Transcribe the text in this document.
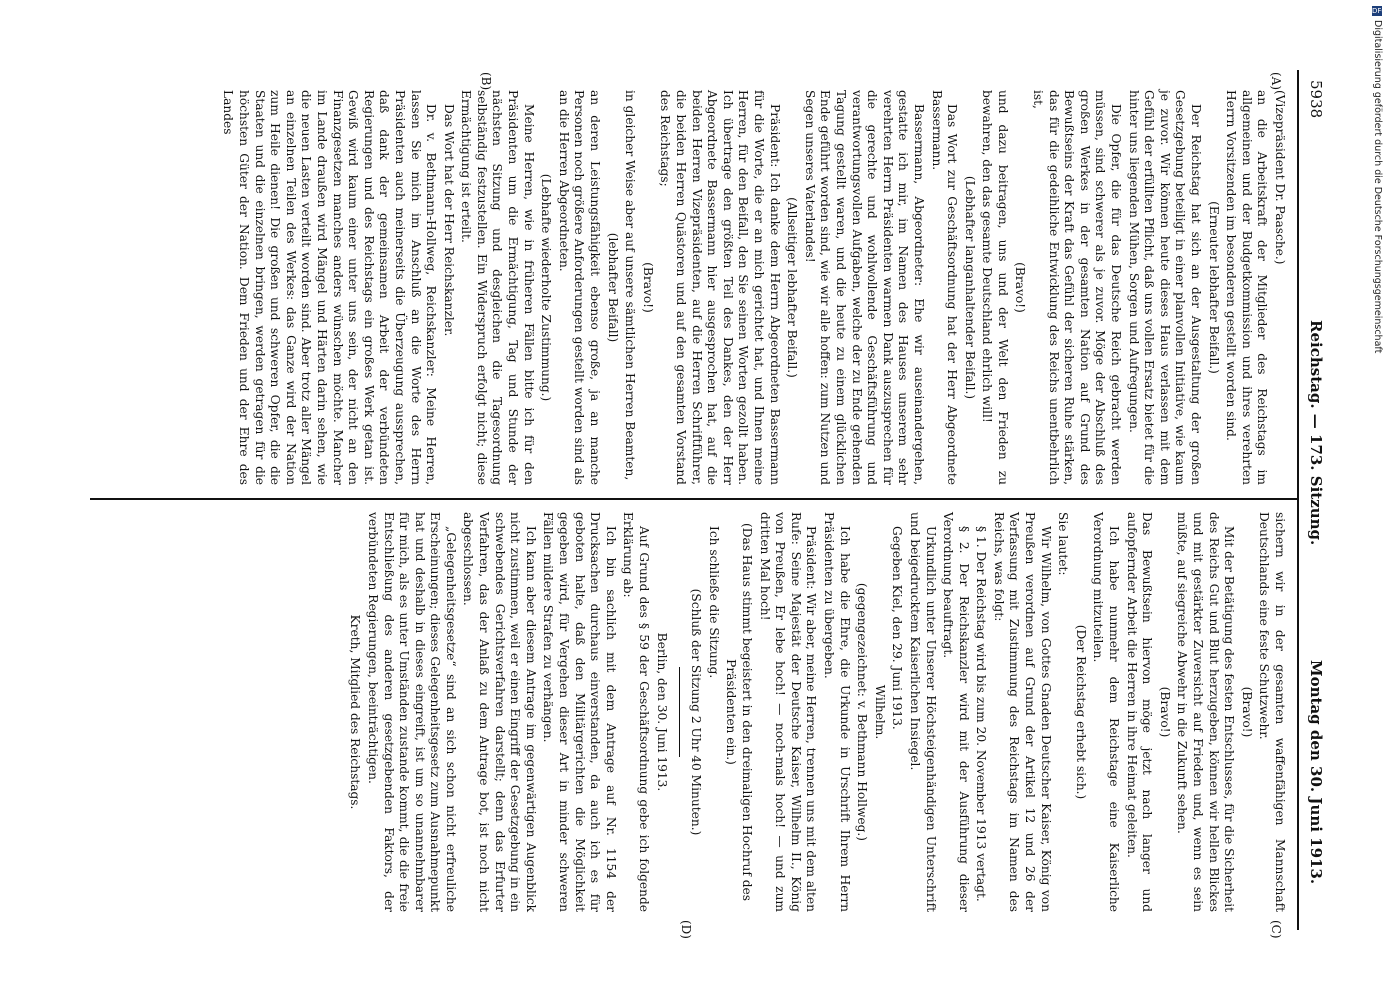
5938
Reichstag. — 173. Sitzung.
Montag den 30. Juni 1913.
(A)
(B)
(C)
(D)

(Vizepräsident Dr. Paasche.)

an die Arbeitskraft der Mitglieder des Reichstags im allgemeinen und der Budgetkommission und ihres verehrten Herrn Vorsitzenden im besonderen gestellt worden sind.

(Erneuter lebhafter Beifall.)

Der Reichstag hat sich an der Ausgestaltung der großen Gesetzgebung beteiligt in einer planvollen Initiative, wie kaum je zuvor. Wir können heute dieses Haus verlassen mit dem Gefühl der erfüllten Pflicht, daß uns vollen Ersatz bietet für die hinter uns liegenden Mühen, Sorgen und Aufregungen.

Die Opfer, die für das Deutsche Reich gebracht werden müssen, sind schwerer als je zuvor. Möge der Abschluß des großen Werkes in der gesamten Nation auf Grund des Bewußtseins der Kraft das Gefühl der sicheren Ruhe stärken, das für die gedeihliche Entwicklung des Reichs unentbehrlich ist,

(Bravo!)

und dazu beitragen, uns und der Welt den Frieden zu bewahren, den das gesamte Deutschland ehrlich will!

(Lebhafter langanhaltender Beifall.)

Das Wort zur Geschäftsordnung hat der Herr Abgeordnete Bassermann.

Bassermann, Abgeordneter: Ehe wir auseinandergehen, gestatte ich mir, im Namen des Hauses unserem sehr verehrten Herrn Präsidenten warmen Dank auszusprechen für die gerechte und wohlwollende Geschäftsführung und verantwortungsvollen Aufgaben, welche der zu Ende gehenden Tagung gestellt waren, und die heute zu einem glücklichen Ende geführt worden sind, wie wir alle hoffen: zum Nutzen und Segen unseres Vaterlandes!

(Allseitiger lebhafter Beifall.)

Präsident: Ich danke dem Herrn Abgeordneten Bassermann für die Worte, die er an mich gerichtet hat, und Ihnen meine Herren, für den Beifall, den Sie seinen Worten gezollt haben. Ich übertrage den größten Teil des Dankes, den der Herr Abgeordnete Bassermann hier ausgesprochen hat, auf die beiden Herren Vizepräsidenten, auf die Herren Schriftführer, die beiden Herren Quästoren und auf den gesamten Vorstand des Reichstags;

(Bravo!)

in gleicher Weise aber auf unsere sämtlichen Herren Beamten,

(lebhafter Beifall)

an deren Leistungsfähigkeit ebenso große, ja an manche Personen noch größere Anforderungen gestellt worden sind als an die Herren Abgeordneten.

(Lebhafte wiederholte Zustimmung.)

Meine Herren, wie in früheren Fällen bitte ich für den Präsidenten um die Ermächtigung, Tag und Stunde der nächsten Sitzung und desgleichen die Tagesordnung selbständig festzustellen. Ein Widerspruch erfolgt nicht; diese Ermächtigung ist erteilt.

Das Wort hat der Herr Reichskanzler.

Dr. v. Bethmann-Hollweg, Reichskanzler: Meine Herren, lassen Sie mich im Anschluß an die Worte des Herrn Präsidenten auch meinerseits die Überzeugung aussprechen, daß dank der gemeinsamen Arbeit der verbündeten Regierungen und des Reichstags ein großes Werk getan ist. Gewiß wird kaum einer unter uns sein, der nicht an den Finanzgesetzen manches anders wünschen möchte. Mancher im Lande draußen wird Mängel und Härten darin sehen, wie die neuen Lasten verteilt worden sind. Aber trotz aller Mängel an einzelnen Teilen des Werkes: das Ganze wird der Nation zum Heile dienen! Die großen und schweren Opfer, die die Staaten und die einzelnen bringen, werden getragen für die höchsten Güter der Nation. Dem Frieden und der Ehre des Landes

sichern wir in der gesamten waffenfähigen Mannschaft Deutschlands eine feste Schutzwehr.

(Bravo!)

Mit der Betätigung des festen Entschlusses, für die Sicherheit des Reichs Gut und Blut herzugeben, können wir hellen Blickes und mit gestärkter Zuversicht auf Frieden und, wenn es sein müßte, auf siegreiche Abwehr in die Zukunft sehen.

(Bravo!)

Das Bewußtsein hiervon möge jetzt nach langer und aufopfernder Arbeit die Herren in ihre Heimat geleiten.

Ich habe nunmehr dem Reichstage eine Kaiserliche Verordnung mitzuteilen.

(Der Reichstag erhebt sich.)

Sie lautet:

Wir Wilhelm, von Gottes Gnaden Deutscher Kaiser, König von Preußen verordnen auf Grund der Artikel 12 und 26 der Verfassung mit Zustimmung des Reichstags im Namen des Reichs, was folgt:

§ 1. Der Reichstag wird bis zum 20. November 1913 vertagt.

§ 2. Der Reichskanzler wird mit der Ausführung dieser Verordnung beauftragt.

Urkundlich unter Unserer Höchsteigenhändigen Unterschrift und beigedrucktem Kaiserlichen Insiegel.

Gegeben Kiel, den 29. Juni 1913.

Wilhelm.

(gegengezeichnet: v. Bethmann Hollweg.)

Ich habe die Ehre, die Urkunde in Urschrift Ihrem Herrn Präsidenten zu übergeben.

Präsident: Wir aber, meine Herren, trennen uns mit dem alten Rufe: Seine Majestät der Deutsche Kaiser, Wilhelm II., König von Preußen, Er lebe hoch! — noch-mals hoch! — und zum dritten Mal hoch!

(Das Haus stimmt begeistert in den dreimaligen Hochruf des Präsidenten ein.)

Ich schließe die Sitzung.

(Schluß der Sitzung 2 Uhr 40 Minuten.)

Berlin, den 30. Juni 1913.

Auf Grund des § 59 der Geschäftsordnung gebe ich folgende Erklärung ab:

Ich bin sachlich mit dem Antrage auf Nr. 1154 der Drucksachen durchaus einverstanden, da auch ich es für geboten halte, daß den Militärgerichten die Möglichkeit gegeben wird, für Vergehen dieser Art in minder schweren Fällen mildere Strafen zu verhängen.

Ich kann aber diesem Antrage im gegenwärtigen Augenblick nicht zustimmen, weil er einen Eingriff der Gesetzgebung in ein schwebendes Gerichtsverfahren darstellt; denn das Erfurter Verfahren, das der Anlaß zu dem Antrage bot, ist noch nicht abgeschlossen.

„Gelegenheitsgesetze“ sind an sich schon nicht erfreuliche Erscheinungen; dieses Gelegenheitsgesetz zum Ausnahmepunkt hat und deshalb in dieses eingreift, ist um so unannehmbarer für mich, als es unter Umständen zustande kommt, die die freie Entschließung des anderen gesetzgebenden Faktors, der verbündeten Regierungen, beeinträchtigen.

Kreth, Mitglied des Reichstags.

DFG
Digitalisierung gefördert durch die Deutsche Forschungsgemeinschaft
